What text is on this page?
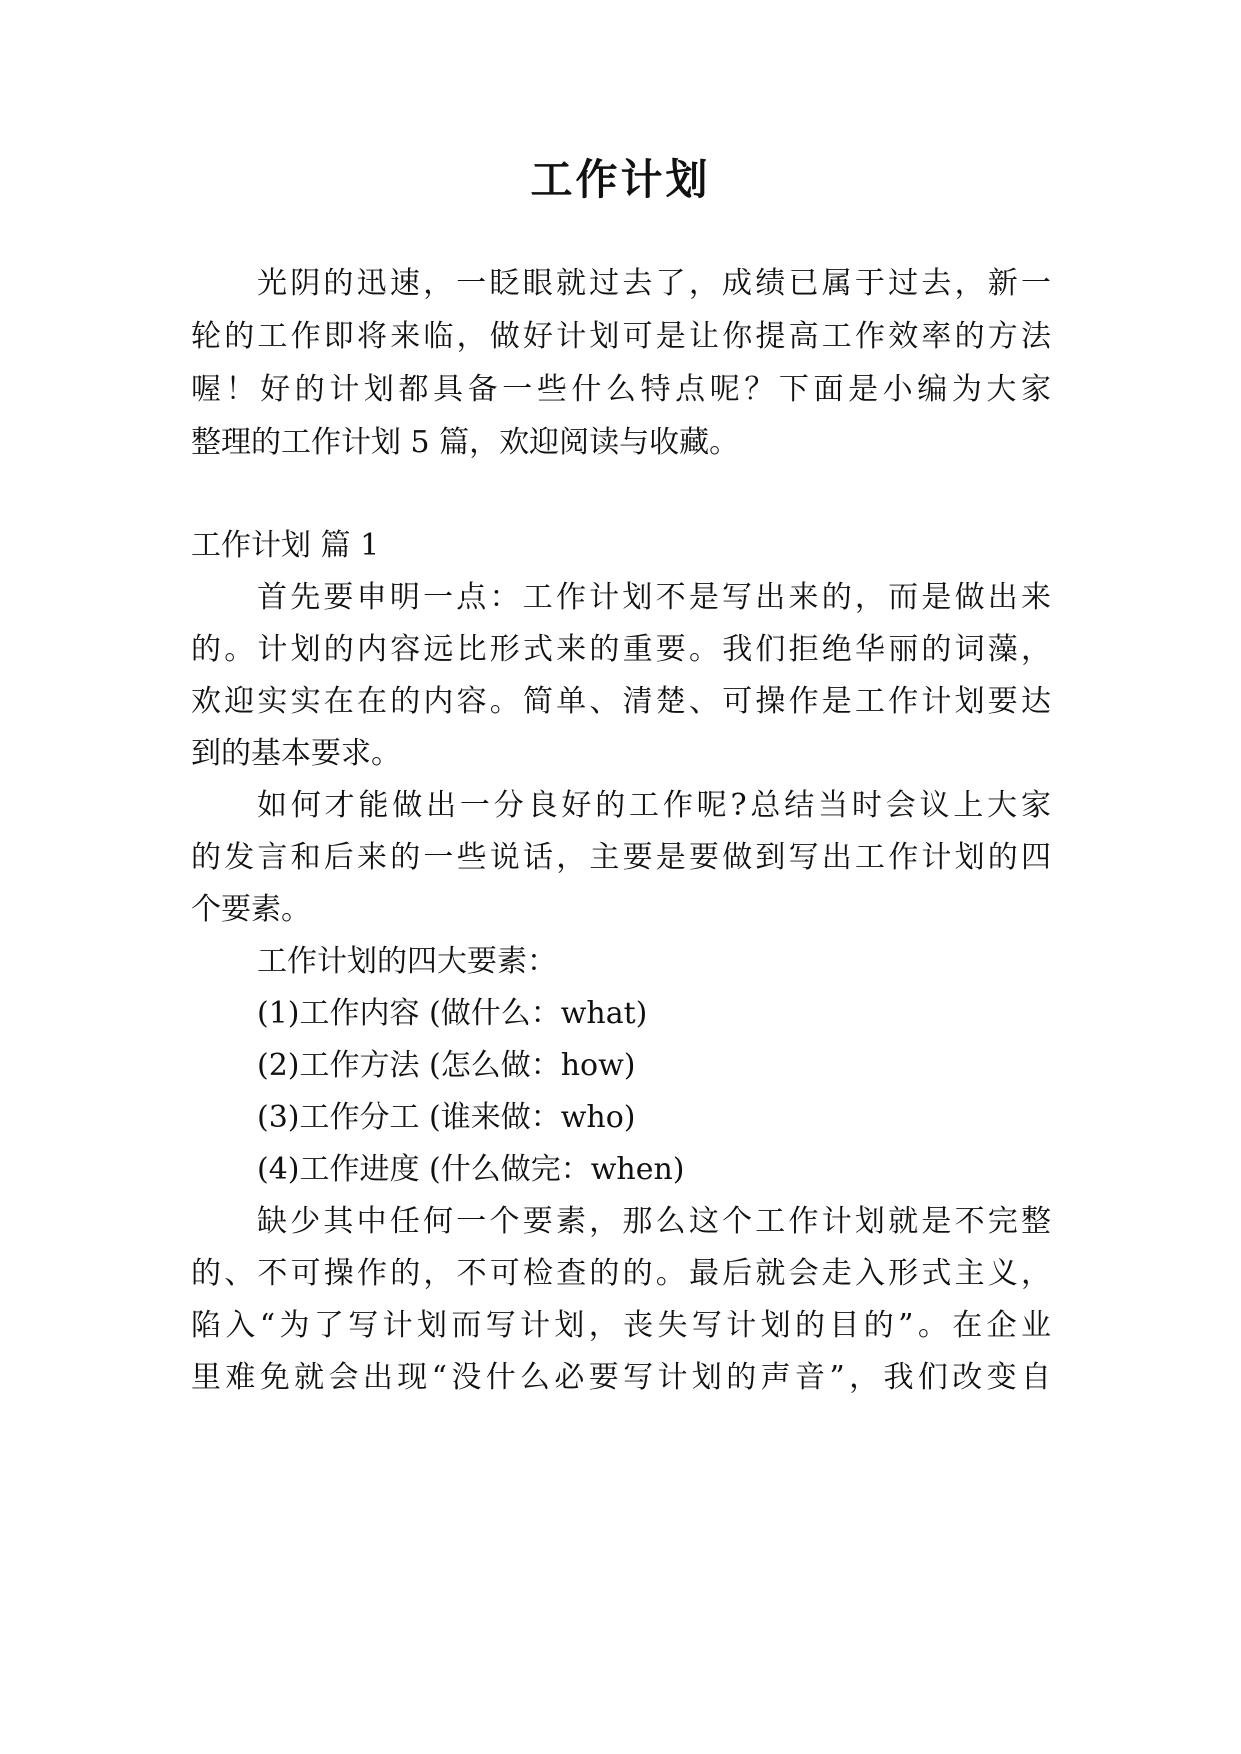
工作计划
光阴的迅速，一眨眼就过去了，成绩已属于过去，新一
轮的工作即将来临，做好计划可是让你提高工作效率的方法
喔！好的计划都具备一些什么特点呢？下面是小编为大家
整理的工作计划 5 篇，欢迎阅读与收藏。
工作计划 篇 1
首先要申明一点：工作计划不是写出来的，而是做出来
的。计划的内容远比形式来的重要。我们拒绝华丽的词藻，
欢迎实实在在的内容。简单、清楚、可操作是工作计划要达
到的基本要求。
如何才能做出一分良好的工作呢?总结当时会议上大家
的发言和后来的一些说话，主要是要做到写出工作计划的四
个要素。
工作计划的四大要素：
(1)工作内容 (做什么：what)
(2)工作方法 (怎么做：how)
(3)工作分工 (谁来做：who)
(4)工作进度 (什么做完：when)
缺少其中任何一个要素，那么这个工作计划就是不完整
的、不可操作的，不可检查的的。最后就会走入形式主义，
陷入“为了写计划而写计划，丧失写计划的目的”。在企业
里难免就会出现“没什么必要写计划的声音”，我们改变自
